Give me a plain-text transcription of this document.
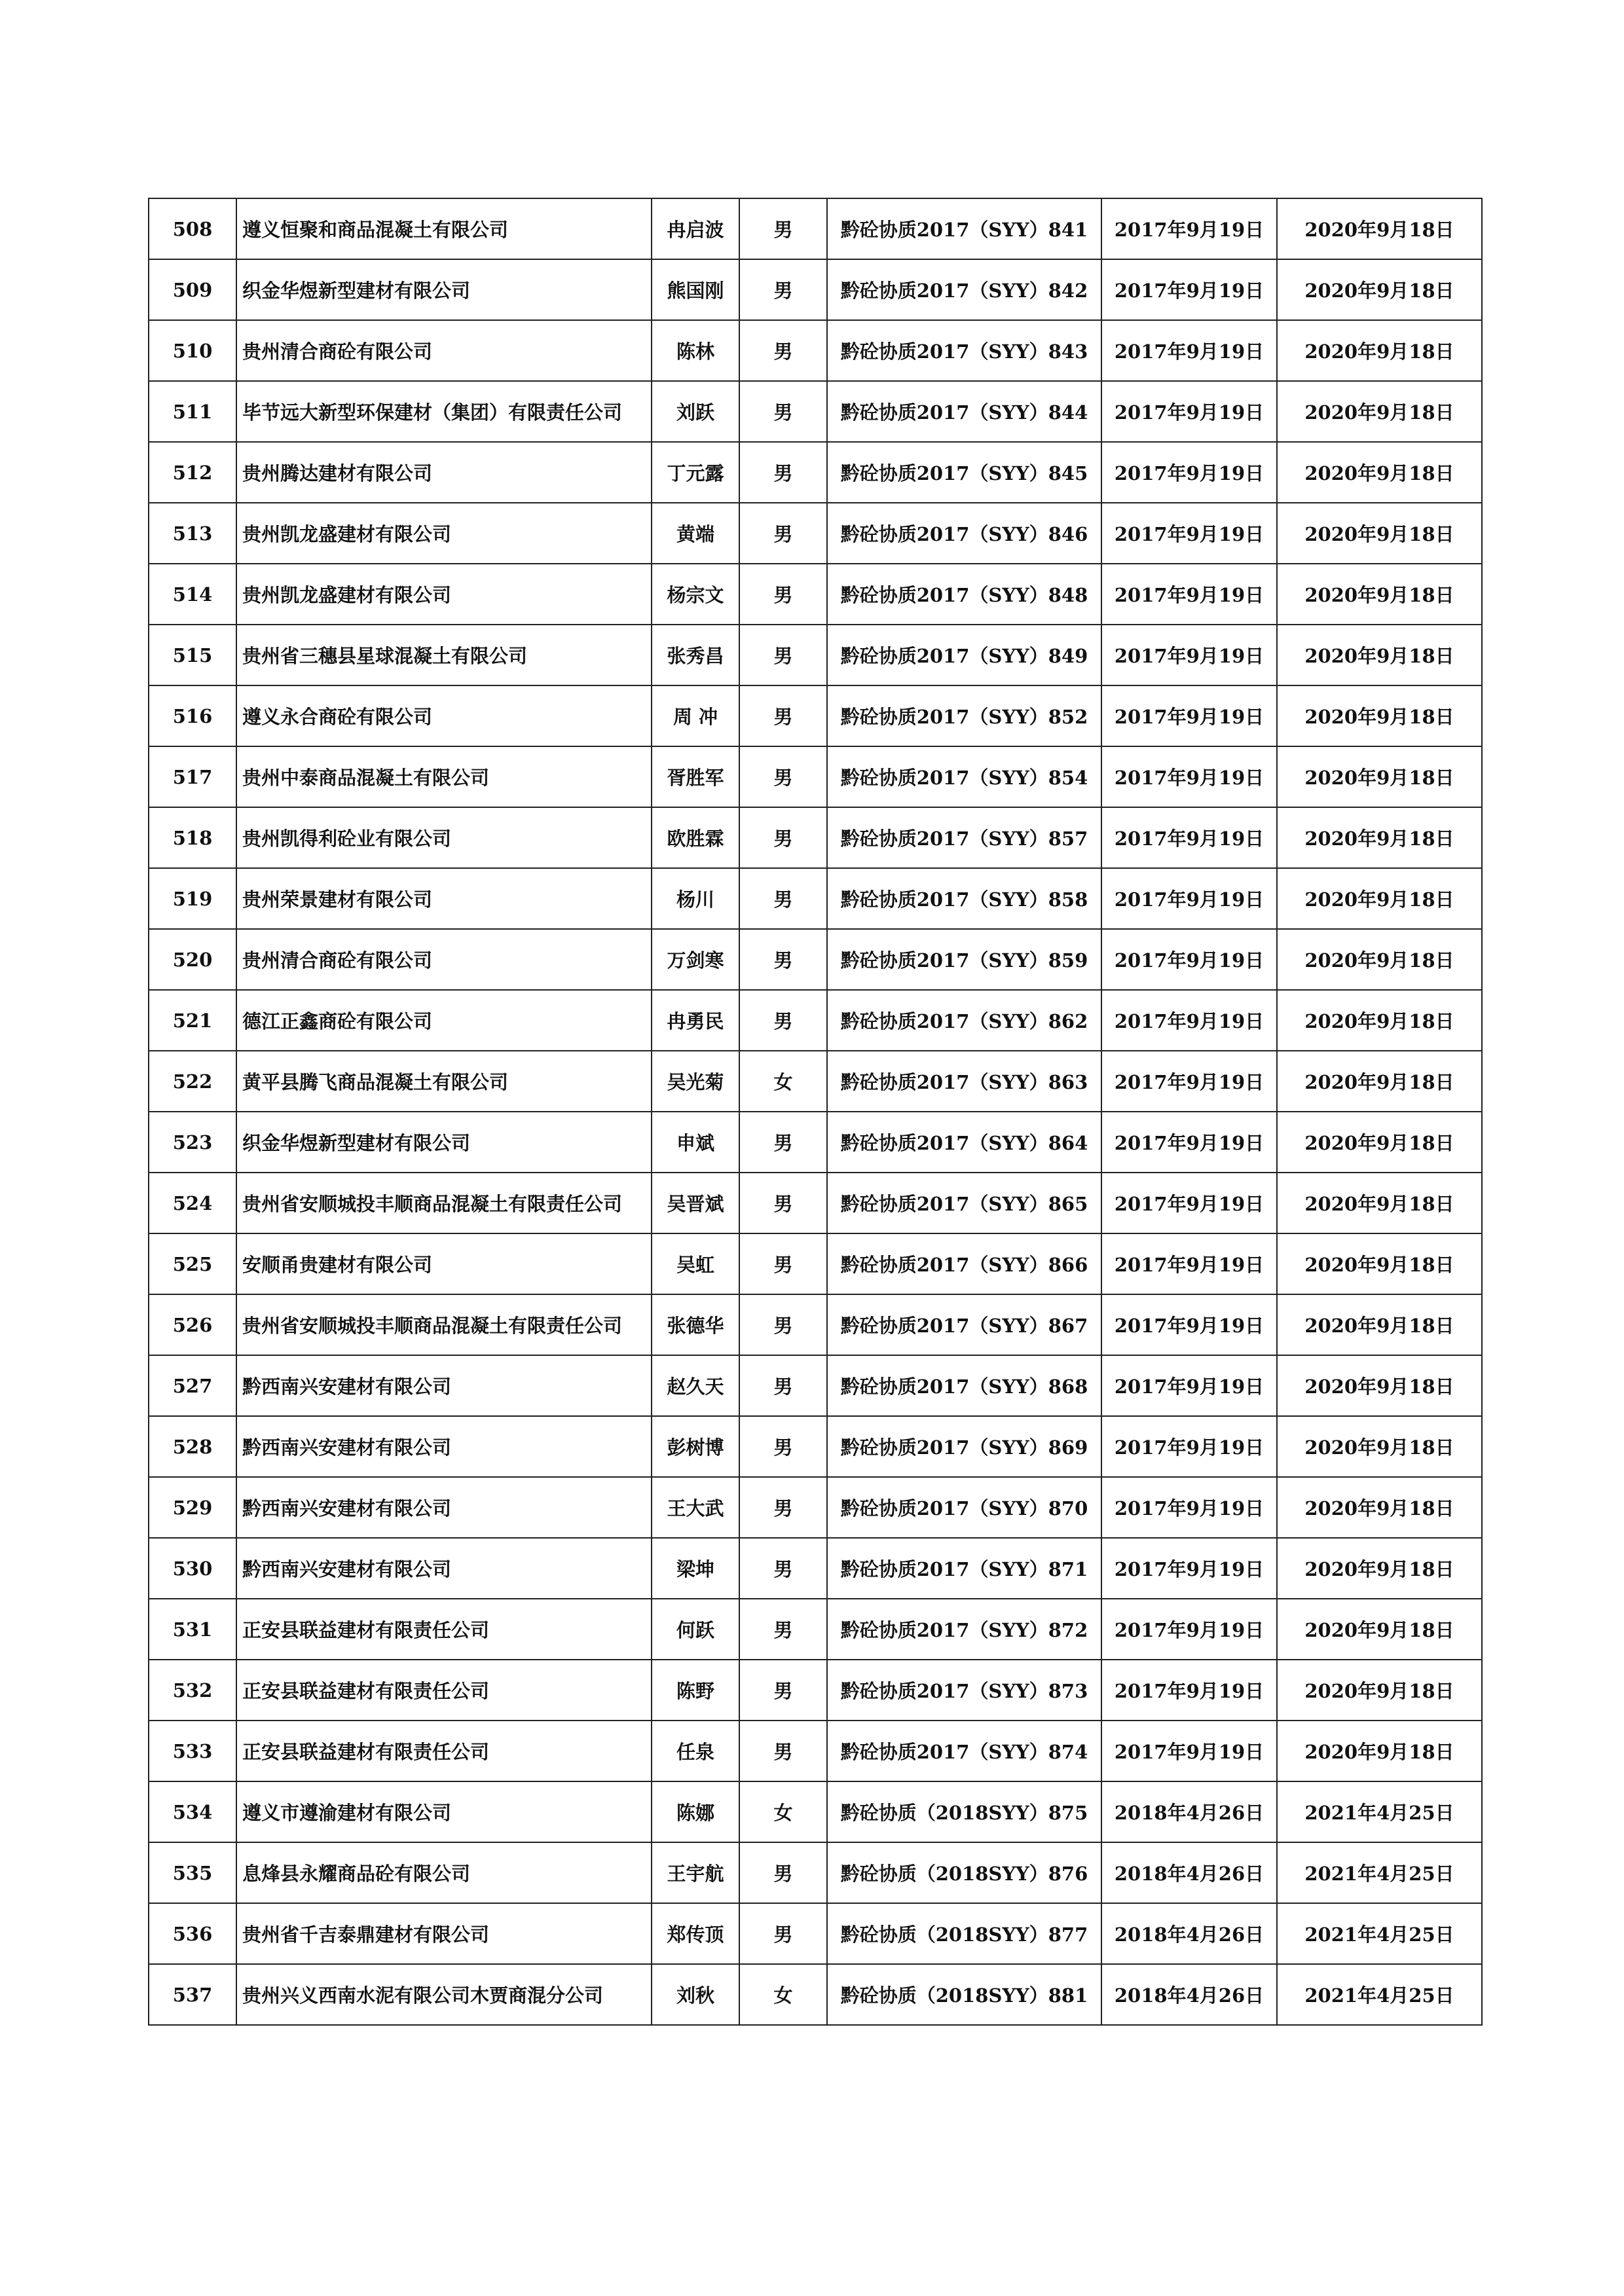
508	遵义恒聚和商品混凝土有限公司	冉启波	男	黔砼协质2017（SYY）841	2017年9月19日	2020年9月18日
509	织金华煜新型建材有限公司	熊国刚	男	黔砼协质2017（SYY）842	2017年9月19日	2020年9月18日
510	贵州清合商砼有限公司	陈林	男	黔砼协质2017（SYY）843	2017年9月19日	2020年9月18日
511	毕节远大新型环保建材（集团）有限责任公司	刘跃	男	黔砼协质2017（SYY）844	2017年9月19日	2020年9月18日
512	贵州腾达建材有限公司	丁元露	男	黔砼协质2017（SYY）845	2017年9月19日	2020年9月18日
513	贵州凯龙盛建材有限公司	黄端	男	黔砼协质2017（SYY）846	2017年9月19日	2020年9月18日
514	贵州凯龙盛建材有限公司	杨宗文	男	黔砼协质2017（SYY）848	2017年9月19日	2020年9月18日
515	贵州省三穗县星球混凝土有限公司	张秀昌	男	黔砼协质2017（SYY）849	2017年9月19日	2020年9月18日
516	遵义永合商砼有限公司	周 冲	男	黔砼协质2017（SYY）852	2017年9月19日	2020年9月18日
517	贵州中泰商品混凝土有限公司	胥胜军	男	黔砼协质2017（SYY）854	2017年9月19日	2020年9月18日
518	贵州凯得利砼业有限公司	欧胜霖	男	黔砼协质2017（SYY）857	2017年9月19日	2020年9月18日
519	贵州荣景建材有限公司	杨川	男	黔砼协质2017（SYY）858	2017年9月19日	2020年9月18日
520	贵州清合商砼有限公司	万剑寒	男	黔砼协质2017（SYY）859	2017年9月19日	2020年9月18日
521	德江正鑫商砼有限公司	冉勇民	男	黔砼协质2017（SYY）862	2017年9月19日	2020年9月18日
522	黄平县腾飞商品混凝土有限公司	吴光菊	女	黔砼协质2017（SYY）863	2017年9月19日	2020年9月18日
523	织金华煜新型建材有限公司	申斌	男	黔砼协质2017（SYY）864	2017年9月19日	2020年9月18日
524	贵州省安顺城投丰顺商品混凝土有限责任公司	吴晋斌	男	黔砼协质2017（SYY）865	2017年9月19日	2020年9月18日
525	安顺甬贵建材有限公司	吴虹	男	黔砼协质2017（SYY）866	2017年9月19日	2020年9月18日
526	贵州省安顺城投丰顺商品混凝土有限责任公司	张德华	男	黔砼协质2017（SYY）867	2017年9月19日	2020年9月18日
527	黔西南兴安建材有限公司	赵久天	男	黔砼协质2017（SYY）868	2017年9月19日	2020年9月18日
528	黔西南兴安建材有限公司	彭树博	男	黔砼协质2017（SYY）869	2017年9月19日	2020年9月18日
529	黔西南兴安建材有限公司	王大武	男	黔砼协质2017（SYY）870	2017年9月19日	2020年9月18日
530	黔西南兴安建材有限公司	梁坤	男	黔砼协质2017（SYY）871	2017年9月19日	2020年9月18日
531	正安县联益建材有限责任公司	何跃	男	黔砼协质2017（SYY）872	2017年9月19日	2020年9月18日
532	正安县联益建材有限责任公司	陈野	男	黔砼协质2017（SYY）873	2017年9月19日	2020年9月18日
533	正安县联益建材有限责任公司	任泉	男	黔砼协质2017（SYY）874	2017年9月19日	2020年9月18日
534	遵义市遵渝建材有限公司	陈娜	女	黔砼协质（2018SYY）875	2018年4月26日	2021年4月25日
535	息烽县永耀商品砼有限公司	王宇航	男	黔砼协质（2018SYY）876	2018年4月26日	2021年4月25日
536	贵州省千吉泰鼎建材有限公司	郑传顶	男	黔砼协质（2018SYY）877	2018年4月26日	2021年4月25日
537	贵州兴义西南水泥有限公司木贾商混分公司	刘秋	女	黔砼协质（2018SYY）881	2018年4月26日	2021年4月25日
